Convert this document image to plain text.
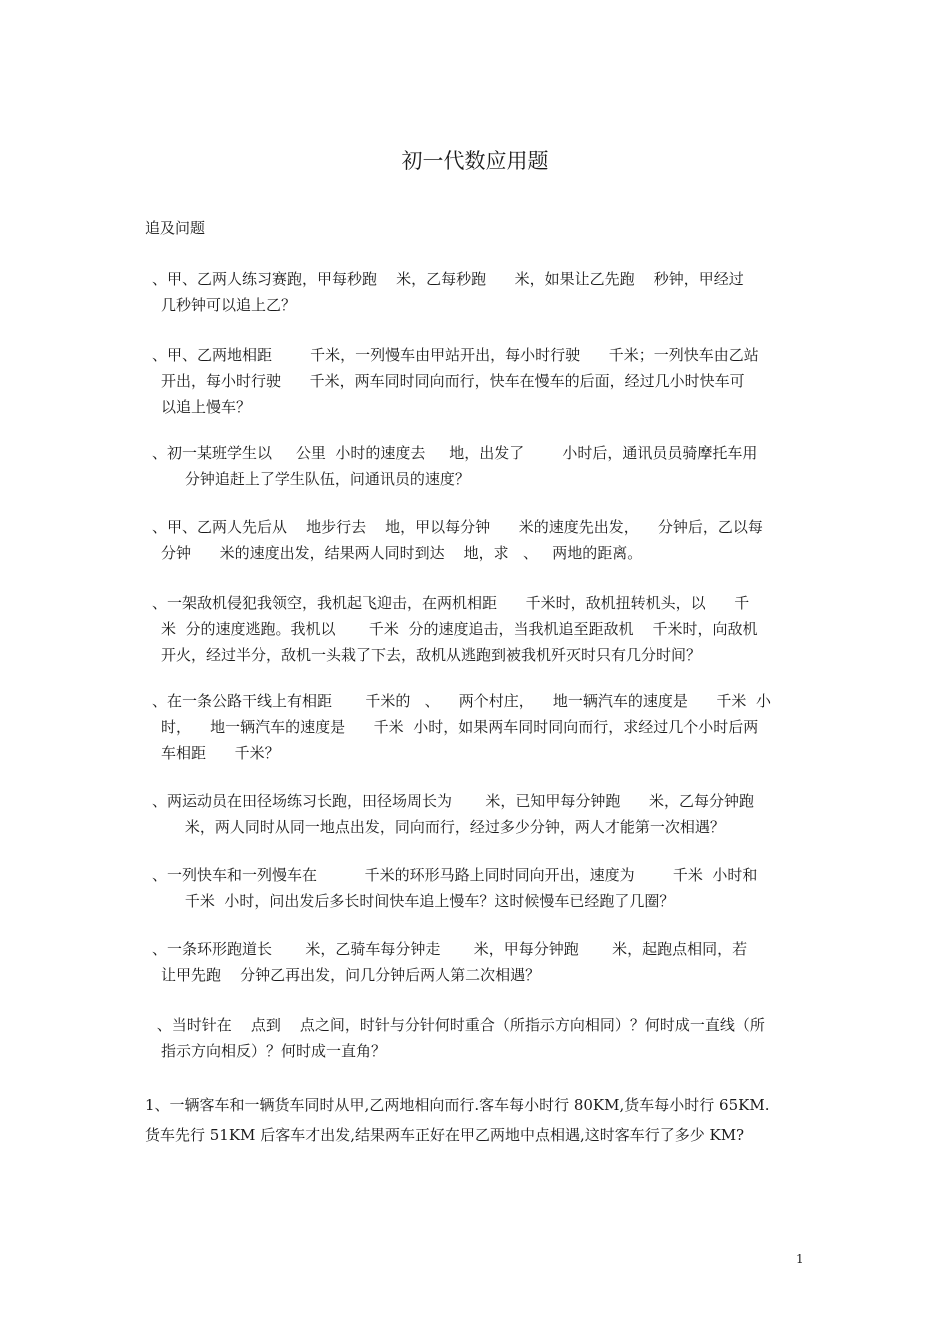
初一代数应用题
追及问题
、甲、乙两人练习赛跑，甲每秒跑    米，乙每秒跑      米，如果让乙先跑    秒钟，甲经过
几秒钟可以追上乙？
、甲、乙两地相距        千米，一列慢车由甲站开出，每小时行驶      千米；一列快车由乙站
开出，每小时行驶      千米，两车同时同向而行，快车在慢车的后面，经过几小时快车可
以追上慢车？
、初一某班学生以     公里  小时的速度去     地，出发了        小时后，通讯员员骑摩托车用
分钟追赶上了学生队伍，问通讯员的速度？
、甲、乙两人先后从    地步行去    地，甲以每分钟      米的速度先出发，    分钟后，乙以每
分钟      米的速度出发，结果两人同时到达    地，求   、   两地的距离。
、一架敌机侵犯我领空，我机起飞迎击，在两机相距      千米时，敌机扭转机头，以      千
米  分的速度逃跑。我机以       千米  分的速度追击，当我机追至距敌机    千米时，向敌机
开火，经过半分，敌机一头栽了下去，敌机从逃跑到被我机歼灭时只有几分时间？
、在一条公路干线上有相距       千米的   、    两个村庄，    地一辆汽车的速度是      千米  小
时，    地一辆汽车的速度是      千米  小时，如果两车同时同向而行，求经过几个小时后两
车相距      千米？
、两运动员在田径场练习长跑，田径场周长为       米，已知甲每分钟跑      米，乙每分钟跑
米，两人同时从同一地点出发，同向而行，经过多少分钟，两人才能第一次相遇？
、一列快车和一列慢车在          千米的环形马路上同时同向开出，速度为        千米  小时和
千米  小时，问出发后多长时间快车追上慢车？这时候慢车已经跑了几圈？
、一条环形跑道长       米，乙骑车每分钟走       米，甲每分钟跑       米，起跑点相同，若
让甲先跑    分钟乙再出发，问几分钟后两人第二次相遇？
、当时针在    点到    点之间，时针与分针何时重合（所指示方向相同）？何时成一直线（所
指示方向相反）？何时成一直角？
1、一辆客车和一辆货车同时从甲,乙两地相向而行.客车每小时行 80KM,货车每小时行 65KM.
货车先行 51KM 后客车才出发,结果两车正好在甲乙两地中点相遇,这时客车行了多少 KM?
1
